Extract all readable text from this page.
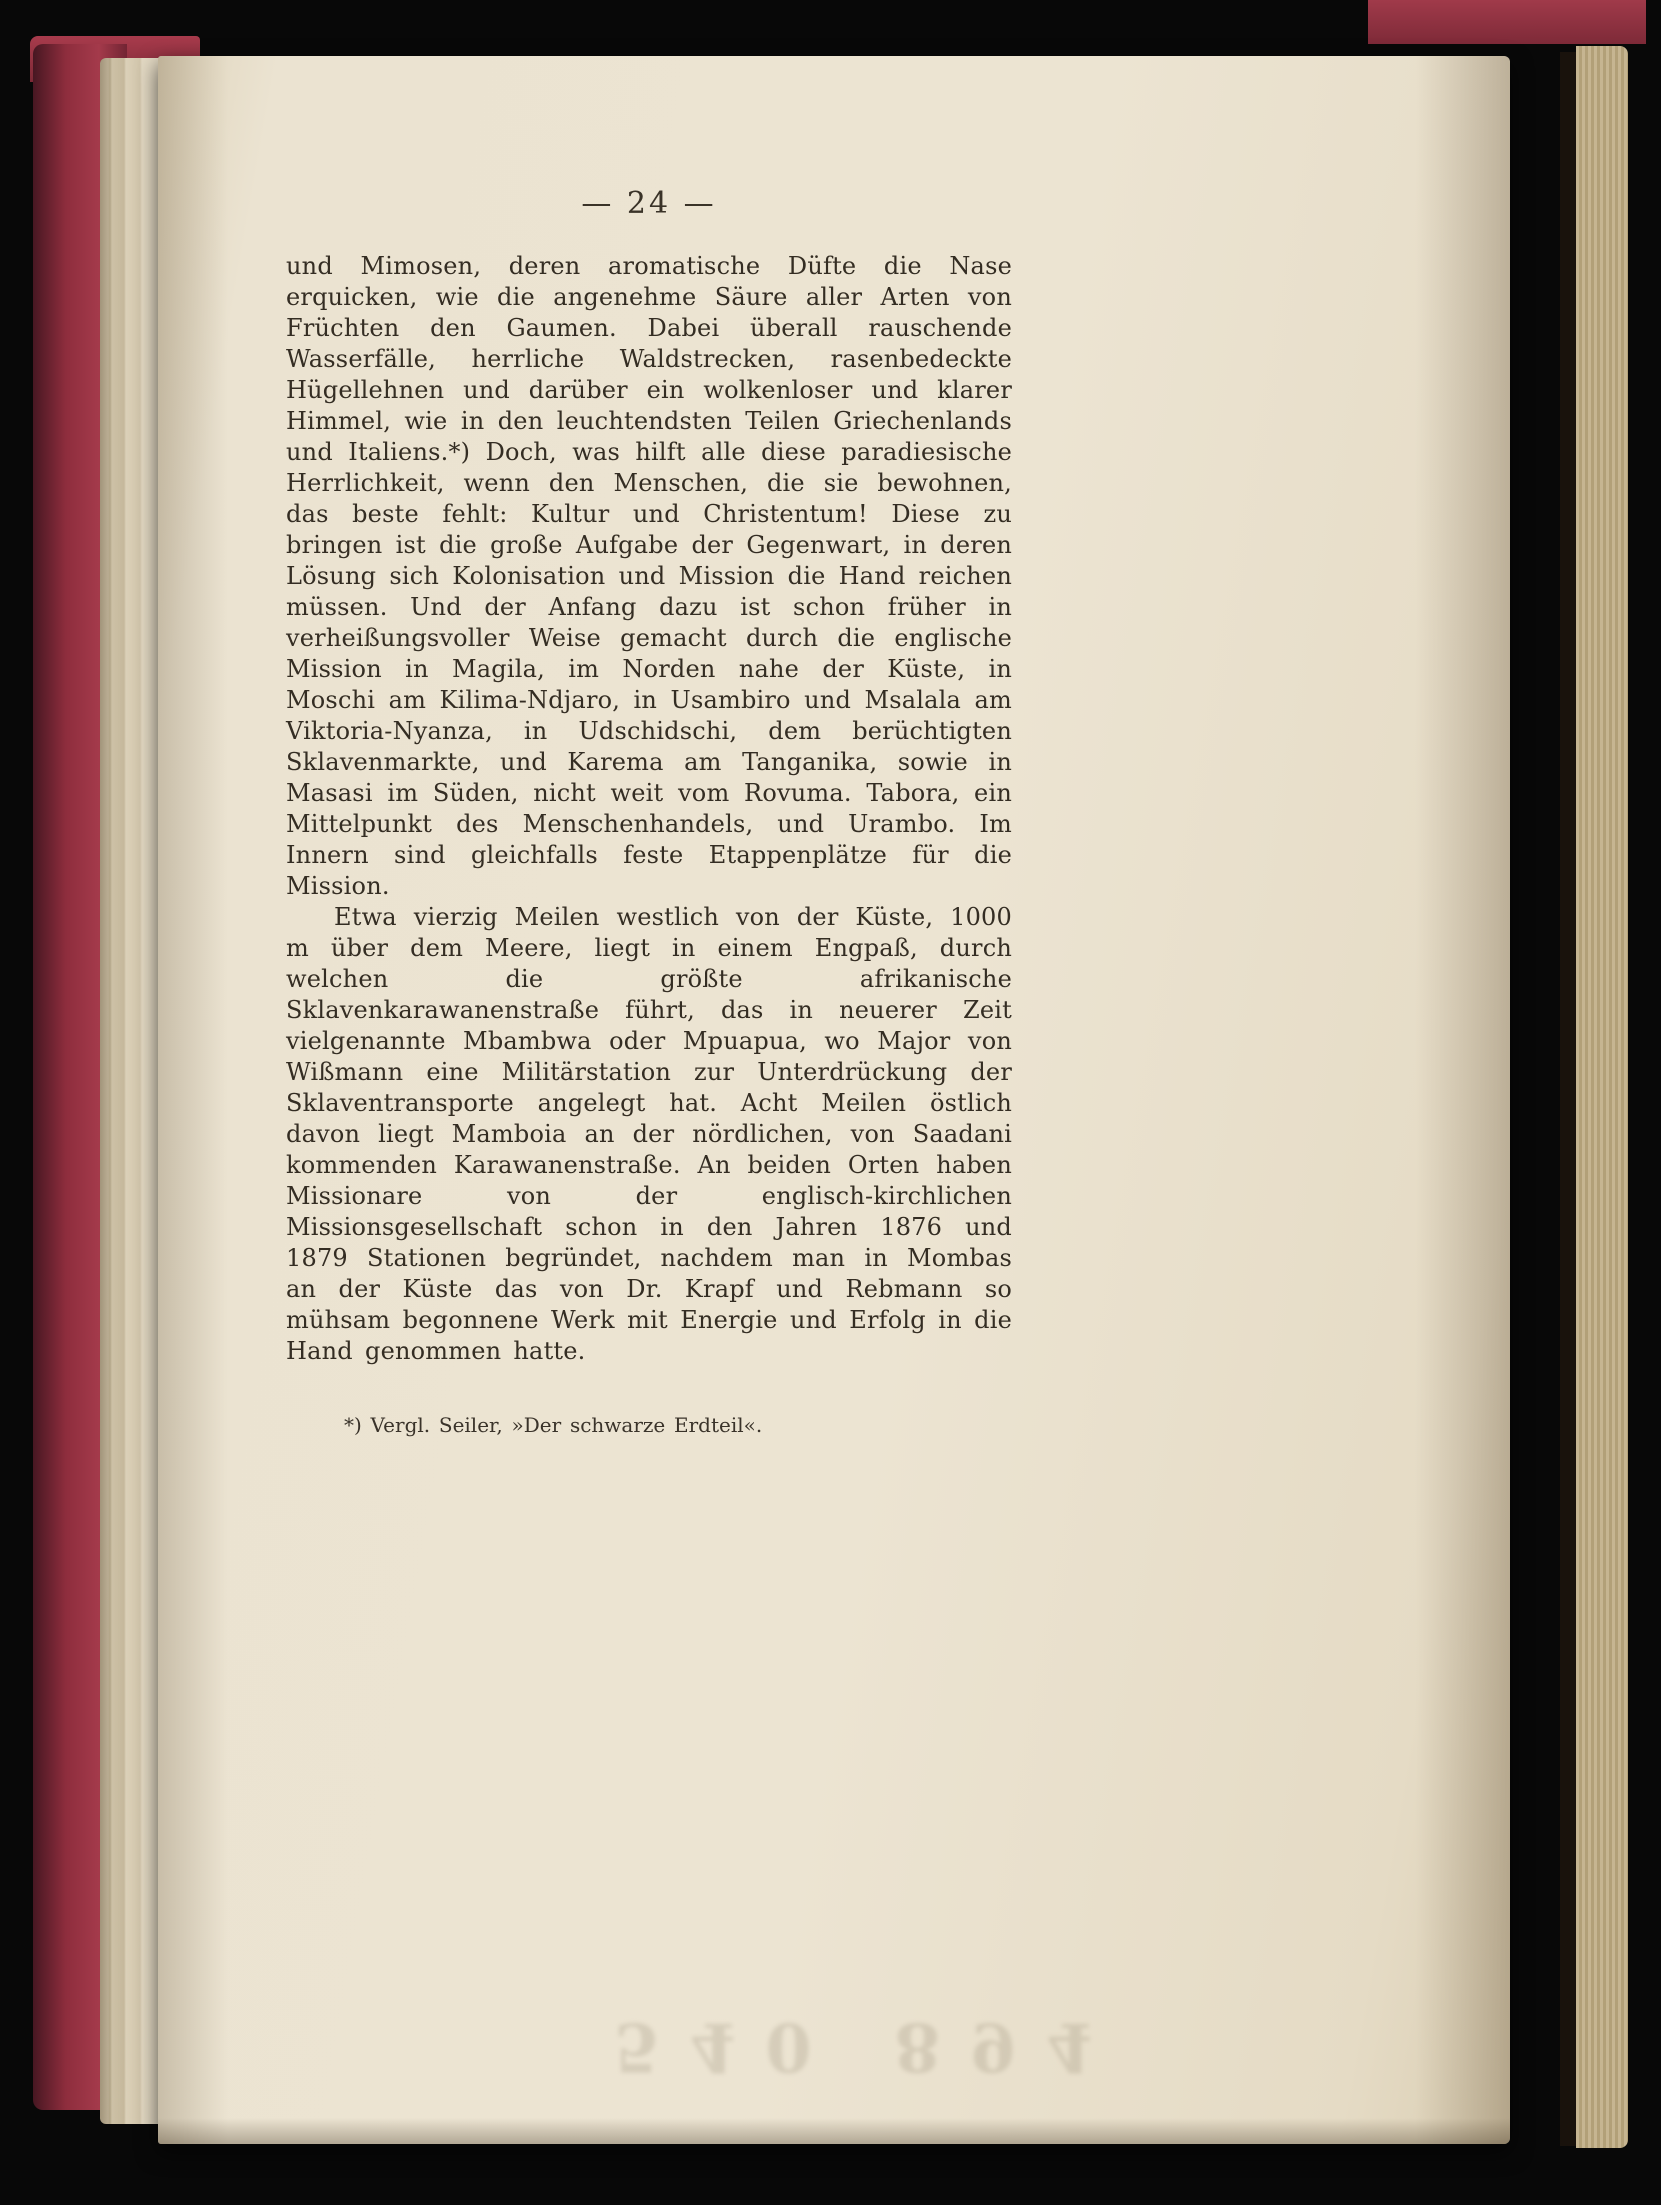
— 24 —

und Mimosen, deren aromatische Düfte die Nase erquicken, wie die angenehme Säure aller Arten von Früchten den Gaumen. Dabei überall rauschende Wasserfälle, herrliche Waldstrecken, rasenbedeckte Hügellehnen und darüber ein wolkenloser und klarer Himmel, wie in den leuchtendsten Teilen Griechenlands und Italiens.*) Doch, was hilft alle diese paradiesische Herrlichkeit, wenn den Menschen, die sie bewohnen, das beste fehlt: Kultur und Christentum! Diese zu bringen ist die große Aufgabe der Gegenwart, in deren Lösung sich Kolonisation und Mission die Hand reichen müssen. Und der Anfang dazu ist schon früher in verheißungsvoller Weise gemacht durch die englische Mission in Magila, im Norden nahe der Küste, in Moschi am Kilima-Ndjaro, in Usambiro und Msalala am Viktoria-Nyanza, in Udschidschi, dem berüchtigten Sklavenmarkte, und Karema am Tanganika, sowie in Masasi im Süden, nicht weit vom Rovuma. Tabora, ein Mittelpunkt des Menschenhandels, und Urambo. Im Innern sind gleichfalls feste Etappenplätze für die Mission.

Etwa vierzig Meilen westlich von der Küste, 1000 m über dem Meere, liegt in einem Engpaß, durch welchen die größte afrikanische Sklavenkarawanenstraße führt, das in neuerer Zeit vielgenannte Mbambwa oder Mpuapua, wo Major von Wißmann eine Militärstation zur Unterdrückung der Sklaventransporte angelegt hat. Acht Meilen östlich davon liegt Mamboia an der nördlichen, von Saadani kommenden Karawanenstraße. An beiden Orten haben Missionare von der englisch-kirchlichen Missionsgesellschaft schon in den Jahren 1876 und 1879 Stationen begründet, nachdem man in Mombas an der Küste das von Dr. Krapf und Rebmann so mühsam begonnene Werk mit Energie und Erfolg in die Hand genommen hatte.

*) Vergl. Seiler, »Der schwarze Erdteil«.
540 894
